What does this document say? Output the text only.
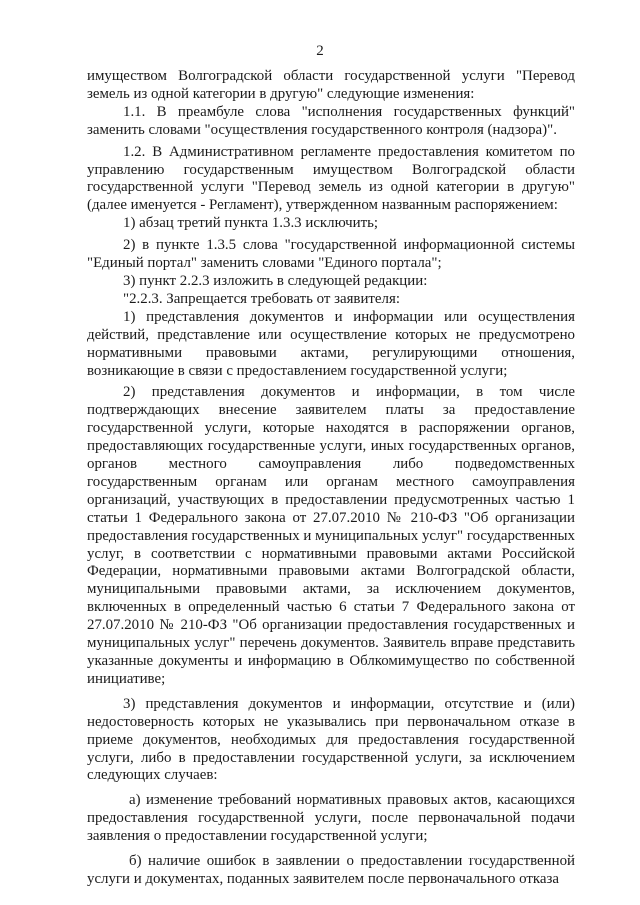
2

имуществом Волгоградской области государственной услуги "Перевод земель из одной категории в другую" следующие изменения:

1.1. В преамбуле слова "исполнения государственных функций" заменить словами "осуществления государственного контроля (надзора)".

1.2. В Административном регламенте предоставления комитетом по управлению государственным имуществом Волгоградской области государственной услуги "Перевод земель из одной категории в другую" (далее именуется - Регламент), утвержденном названным распоряжением:

1) абзац третий пункта 1.3.3 исключить;

2) в пункте 1.3.5 слова "государственной информационной системы "Единый портал" заменить словами "Единого портала";

3) пункт 2.2.3 изложить в следующей редакции:

"2.2.3. Запрещается требовать от заявителя:

1) представления документов и информации или осуществления действий, представление или осуществление которых не предусмотрено нормативными правовыми актами, регулирующими отношения, возникающие в связи с предоставлением государственной услуги;

2) представления документов и информации, в том числе подтверждающих внесение заявителем платы за предоставление государственной услуги, которые находятся в распоряжении органов, предоставляющих государственные услуги, иных государственных органов, органов местного самоуправления либо подведомственных государственным органам или органам местного самоуправления организаций, участвующих в предоставлении предусмотренных частью 1 статьи 1 Федерального закона от 27.07.2010 № 210-ФЗ "Об организации предоставления государственных и муниципальных услуг" государственных услуг, в соответствии с нормативными правовыми актами Российской Федерации, нормативными правовыми актами Волгоградской области, муниципальными правовыми актами, за исключением документов, включенных в определенный частью 6 статьи 7 Федерального закона от 27.07.2010 № 210-ФЗ "Об организации предоставления государственных и муниципальных услуг" перечень документов. Заявитель вправе представить указанные документы и информацию в Облкомимущество по собственной инициативе;

3) представления документов и информации, отсутствие и (или) недостоверность которых не указывались при первоначальном отказе в приеме документов, необходимых для предоставления государственной услуги, либо в предоставлении государственной услуги, за исключением следующих случаев:

а) изменение требований нормативных правовых актов, касающихся предоставления государственной услуги, после первоначальной подачи заявления о предоставлении государственной услуги;

б) наличие ошибок в заявлении о предоставлении государственной услуги и документах, поданных заявителем после первоначального отказа
